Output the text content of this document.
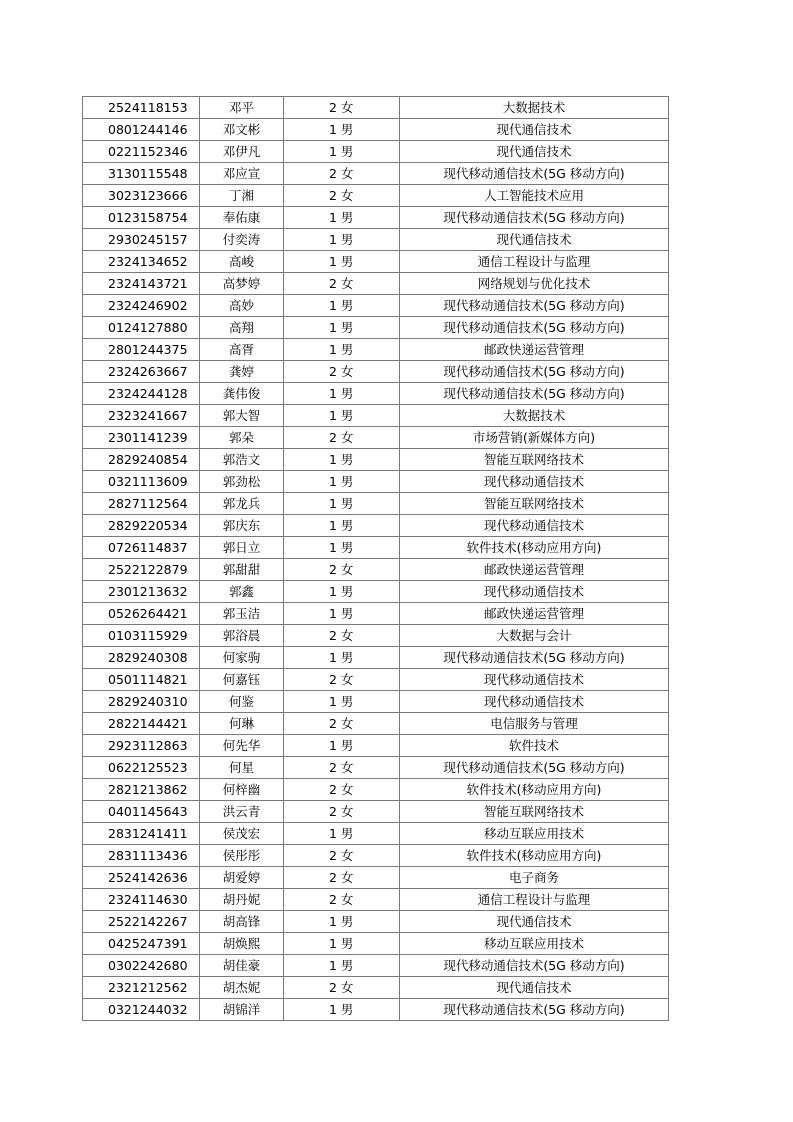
2524118153	邓平	2 女	大数据技术
0801244146	邓文彬	1 男	现代通信技术
0221152346	邓伊凡	1 男	现代通信技术
3130115548	邓应宣	2 女	现代移动通信技术(5G 移动方向)
3023123666	丁湘	2 女	人工智能技术应用
0123158754	奉佑康	1 男	现代移动通信技术(5G 移动方向)
2930245157	付奕涛	1 男	现代通信技术
2324134652	高峻	1 男	通信工程设计与监理
2324143721	高梦婷	2 女	网络规划与优化技术
2324246902	高妙	1 男	现代移动通信技术(5G 移动方向)
0124127880	高翔	1 男	现代移动通信技术(5G 移动方向)
2801244375	高胥	1 男	邮政快递运营管理
2324263667	龚婷	2 女	现代移动通信技术(5G 移动方向)
2324244128	龚伟俊	1 男	现代移动通信技术(5G 移动方向)
2323241667	郭大智	1 男	大数据技术
2301141239	郭朵	2 女	市场营销(新媒体方向)
2829240854	郭浩文	1 男	智能互联网络技术
0321113609	郭劲松	1 男	现代移动通信技术
2827112564	郭龙兵	1 男	智能互联网络技术
2829220534	郭庆东	1 男	现代移动通信技术
0726114837	郭日立	1 男	软件技术(移动应用方向)
2522122879	郭甜甜	2 女	邮政快递运营管理
2301213632	郭鑫	1 男	现代移动通信技术
0526264421	郭玉洁	1 男	邮政快递运营管理
0103115929	郭浴晨	2 女	大数据与会计
2829240308	何家驹	1 男	现代移动通信技术(5G 移动方向)
0501114821	何嘉钰	2 女	现代移动通信技术
2829240310	何鉴	1 男	现代移动通信技术
2822144421	何琳	2 女	电信服务与管理
2923112863	何先华	1 男	软件技术
0622125523	何星	2 女	现代移动通信技术(5G 移动方向)
2821213862	何梓幽	2 女	软件技术(移动应用方向)
0401145643	洪云青	2 女	智能互联网络技术
2831241411	侯茂宏	1 男	移动互联应用技术
2831113436	侯彤彤	2 女	软件技术(移动应用方向)
2524142636	胡爱婷	2 女	电子商务
2324114630	胡丹妮	2 女	通信工程设计与监理
2522142267	胡高锋	1 男	现代通信技术
0425247391	胡焕熙	1 男	移动互联应用技术
0302242680	胡佳豪	1 男	现代移动通信技术(5G 移动方向)
2321212562	胡杰妮	2 女	现代通信技术
0321244032	胡锦洋	1 男	现代移动通信技术(5G 移动方向)
